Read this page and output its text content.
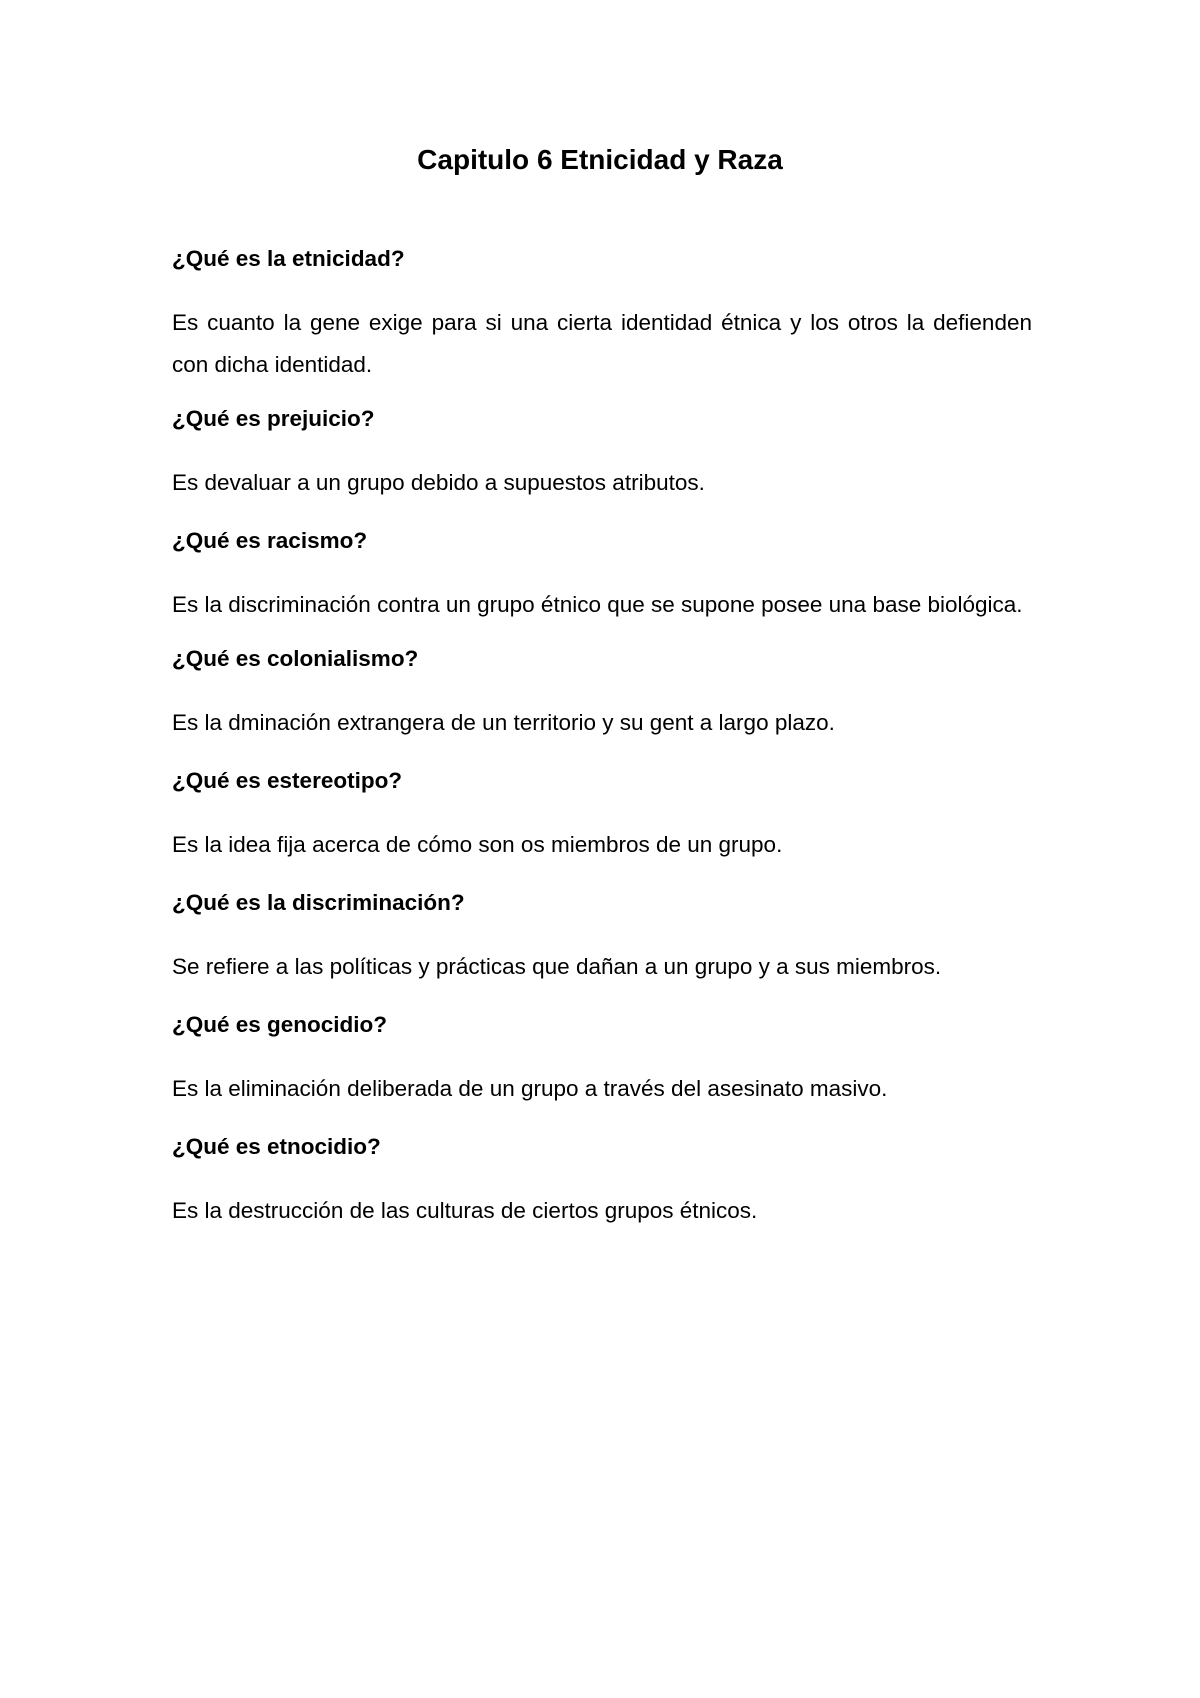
Capitulo 6 Etnicidad y Raza

¿Qué es la etnicidad?

Es cuanto la gene exige para si una cierta identidad étnica y los otros la defienden con dicha identidad.

¿Qué es prejuicio?

Es devaluar a un grupo debido a supuestos atributos.

¿Qué es racismo?

Es la discriminación contra un grupo étnico que se supone posee una base biológica.

¿Qué es colonialismo?

Es la dminación extrangera de un territorio y su gent a largo plazo.

¿Qué es estereotipo?

Es la idea fija acerca de cómo son os miembros de un grupo.

¿Qué es la discriminación?

Se refiere a las políticas y prácticas que dañan a un grupo y a sus miembros.

¿Qué es genocidio?

Es la eliminación deliberada de un grupo a través del asesinato masivo.

¿Qué es etnocidio?

Es la destrucción de las culturas de ciertos grupos étnicos.
